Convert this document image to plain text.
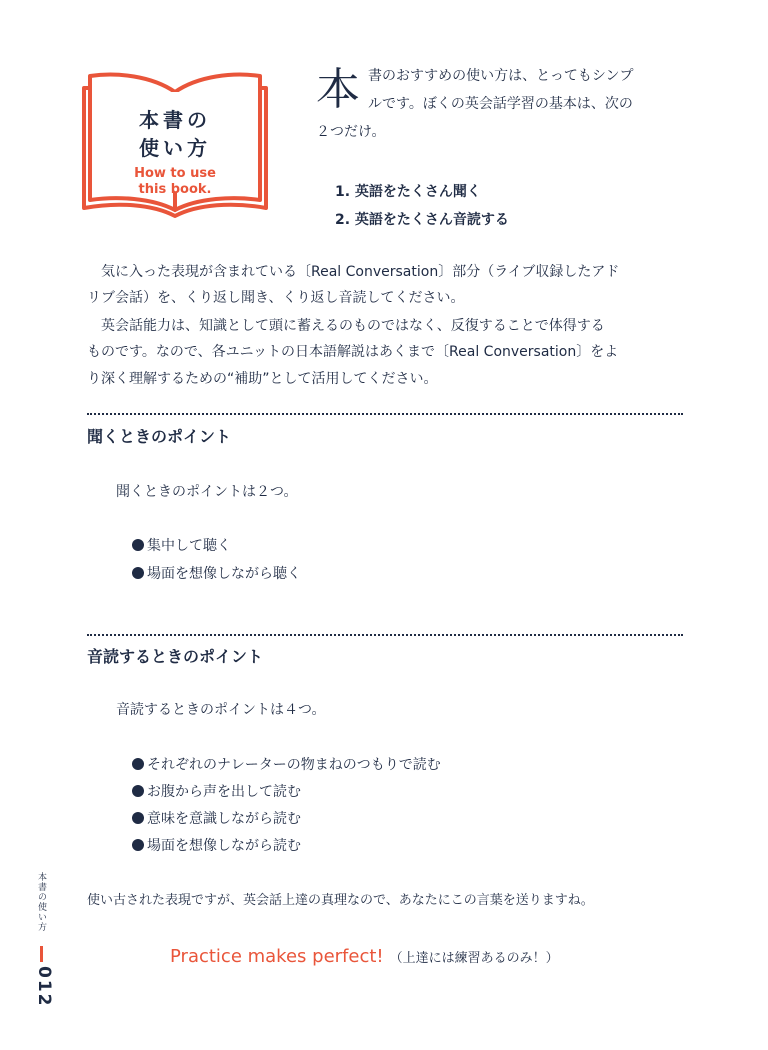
本書の
使い方
How to use
this book.
本 書のおすすめの使い方は、とってもシンプ
ルです。ぼくの英会話学習の基本は、次の
２つだけ。
1. 英語をたくさん聞く
2. 英語をたくさん音読する
気に入った表現が含まれている〔Real Conversation〕部分（ライブ収録したアド
リブ会話）を、くり返し聞き、くり返し音読してください。
英会話能力は、知識として頭に蓄えるのものではなく、反復することで体得する
ものです。なので、各ユニットの日本語解説はあくまで〔Real Conversation〕をよ
り深く理解するための“補助”として活用してください。
聞くときのポイント
聞くときのポイントは２つ。
集中して聴く
場面を想像しながら聴く
音読するときのポイント
音読するときのポイントは４つ。
それぞれのナレーターの物まねのつもりで読む
お腹から声を出して読む
意味を意識しながら読む
場面を想像しながら読む
使い古された表現ですが、英会話上達の真理なので、あなたにこの言葉を送りますね。
Practice makes perfect! （上達には練習あるのみ！）
本書の使い方
012
